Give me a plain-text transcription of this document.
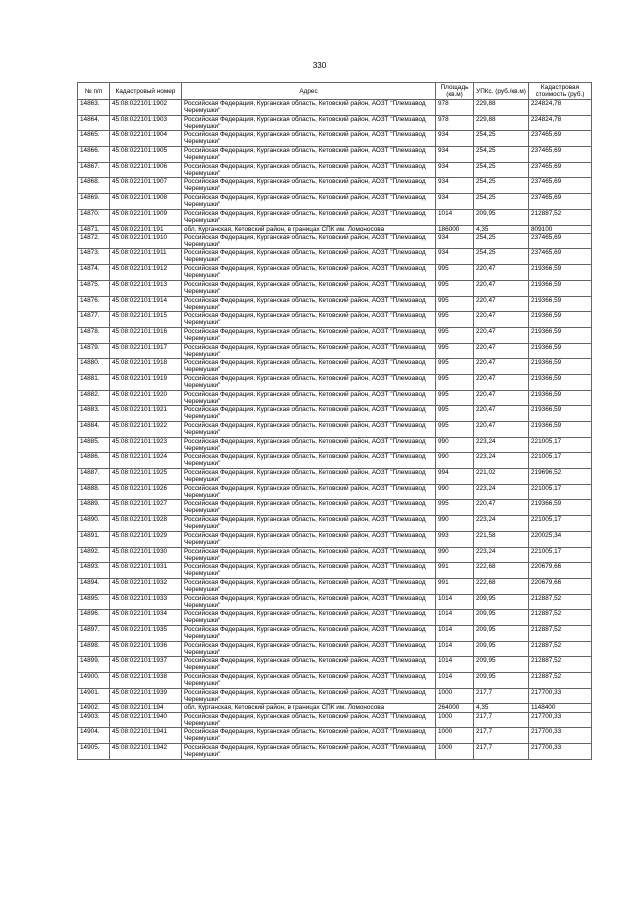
330
№ п/п	Кадастровый номер	Адрес	Площадь (кв.м)	УПКс. (руб./кв.м)	Кадастровая стоимость (руб.)
14863.	45:08:022101:1902	Российская Федерация, Курганская область, Кетовский район, АОЗТ "Племзавод Черемушки"	978	229,88	224824,78
14864.	45:08:022101:1903	Российская Федерация, Курганская область, Кетовский район, АОЗТ "Племзавод Черемушки"	978	229,88	224824,78
14865.	45:08:022101:1904	Российская Федерация, Курганская область, Кетовский район, АОЗТ "Племзавод Черемушки"	934	254,25	237465,69
14866.	45:08:022101:1905	Российская Федерация, Курганская область, Кетовский район, АОЗТ "Племзавод Черемушки"	934	254,25	237465,69
14867.	45:08:022101:1906	Российская Федерация, Курганская область, Кетовский район, АОЗТ "Племзавод Черемушки"	934	254,25	237465,69
14868.	45:08:022101:1907	Российская Федерация, Курганская область, Кетовский район, АОЗТ "Племзавод Черемушки"	934	254,25	237465,69
14869.	45:08:022101:1908	Российская Федерация, Курганская область, Кетовский район, АОЗТ "Племзавод Черемушки"	934	254,25	237465,69
14870.	45:08:022101:1909	Российская Федерация, Курганская область, Кетовский район, АОЗТ "Племзавод Черемушки"	1014	209,95	212887,52
14871.	45:08:022101:191	обл. Курганская, Кетовский район, в границах СПК им. Ломоносова	186000	4,35	809100
14872.	45:08:022101:1910	Российская Федерация, Курганская область, Кетовский район, АОЗТ "Племзавод Черемушки"	934	254,25	237465,69
14873.	45:08:022101:1911	Российская Федерация, Курганская область, Кетовский район, АОЗТ "Племзавод Черемушки"	934	254,25	237465,69
14874.	45:08:022101:1912	Российская Федерация, Курганская область, Кетовский район, АОЗТ "Племзавод Черемушки"	995	220,47	219366,59
14875.	45:08:022101:1913	Российская Федерация, Курганская область, Кетовский район, АОЗТ "Племзавод Черемушки"	995	220,47	219366,59
14876.	45:08:022101:1914	Российская Федерация, Курганская область, Кетовский район, АОЗТ "Племзавод Черемушки"	995	220,47	219366,59
14877.	45:08:022101:1915	Российская Федерация, Курганская область, Кетовский район, АОЗТ "Племзавод Черемушки"	995	220,47	219366,59
14878.	45:08:022101:1916	Российская Федерация, Курганская область, Кетовский район, АОЗТ "Племзавод Черемушки"	995	220,47	219366,59
14879.	45:08:022101:1917	Российская Федерация, Курганская область, Кетовский район, АОЗТ "Племзавод Черемушки"	995	220,47	219366,59
14880.	45:08:022101:1918	Российская Федерация, Курганская область, Кетовский район, АОЗТ "Племзавод Черемушки"	995	220,47	219366,59
14881.	45:08:022101:1919	Российская Федерация, Курганская область, Кетовский район, АОЗТ "Племзавод Черемушки"	995	220,47	219366,59
14882.	45:08:022101:1920	Российская Федерация, Курганская область, Кетовский район, АОЗТ "Племзавод Черемушки"	995	220,47	219366,59
14883.	45:08:022101:1921	Российская Федерация, Курганская область, Кетовский район, АОЗТ "Племзавод Черемушки"	995	220,47	219366,59
14884.	45:08:022101:1922	Российская Федерация, Курганская область, Кетовский район, АОЗТ "Племзавод Черемушки"	995	220,47	219366,59
14885.	45:08:022101:1923	Российская Федерация, Курганская область, Кетовский район, АОЗТ "Племзавод Черемушки"	990	223,24	221005,17
14886.	45:08:022101:1924	Российская Федерация, Курганская область, Кетовский район, АОЗТ "Племзавод Черемушки"	990	223,24	221005,17
14887.	45:08:022101:1925	Российская Федерация, Курганская область, Кетовский район, АОЗТ "Племзавод Черемушки"	994	221,02	219696,52
14888.	45:08:022101:1926	Российская Федерация, Курганская область, Кетовский район, АОЗТ "Племзавод Черемушки"	990	223,24	221005,17
14889.	45:08:022101:1927	Российская Федерация, Курганская область, Кетовский район, АОЗТ "Племзавод Черемушки"	995	220,47	219366,59
14890.	45:08:022101:1928	Российская Федерация, Курганская область, Кетовский район, АОЗТ "Племзавод Черемушки"	990	223,24	221005,17
14891.	45:08:022101:1929	Российская Федерация, Курганская область, Кетовский район, АОЗТ "Племзавод Черемушки"	993	221,58	220025,34
14892.	45:08:022101:1930	Российская Федерация, Курганская область, Кетовский район, АОЗТ "Племзавод Черемушки"	990	223,24	221005,17
14893.	45:08:022101:1931	Российская Федерация, Курганская область, Кетовский район, АОЗТ "Племзавод Черемушки"	991	222,68	220679,66
14894.	45:08:022101:1932	Российская Федерация, Курганская область, Кетовский район, АОЗТ "Племзавод Черемушки"	991	222,68	220679,66
14895.	45:08:022101:1933	Российская Федерация, Курганская область, Кетовский район, АОЗТ "Племзавод Черемушки"	1014	209,95	212887,52
14896.	45:08:022101:1934	Российская Федерация, Курганская область, Кетовский район, АОЗТ "Племзавод Черемушки"	1014	209,95	212887,52
14897.	45:08:022101:1935	Российская Федерация, Курганская область, Кетовский район, АОЗТ "Племзавод Черемушки"	1014	209,95	212887,52
14898.	45:08:022101:1936	Российская Федерация, Курганская область, Кетовский район, АОЗТ "Племзавод Черемушки"	1014	209,95	212887,52
14899.	45:08:022101:1937	Российская Федерация, Курганская область, Кетовский район, АОЗТ "Племзавод Черемушки"	1014	209,95	212887,52
14900.	45:08:022101:1938	Российская Федерация, Курганская область, Кетовский район, АОЗТ "Племзавод Черемушки"	1014	209,95	212887,52
14901.	45:08:022101:1939	Российская Федерация, Курганская область, Кетовский район, АОЗТ "Племзавод Черемушки"	1000	217,7	217700,33
14902.	45:08:022101:194	обл. Курганская, Кетовский район, в границах СПК им. Ломоносова	264000	4,35	1148400
14903.	45:08:022101:1940	Российская Федерация, Курганская область, Кетовский район, АОЗТ "Племзавод Черемушки"	1000	217,7	217700,33
14904.	45:08:022101:1941	Российская Федерация, Курганская область, Кетовский район, АОЗТ "Племзавод Черемушки"	1000	217,7	217700,33
14905.	45:08:022101:1942	Российская Федерация, Курганская область, Кетовский район, АОЗТ "Племзавод Черемушки"	1000	217,7	217700,33
